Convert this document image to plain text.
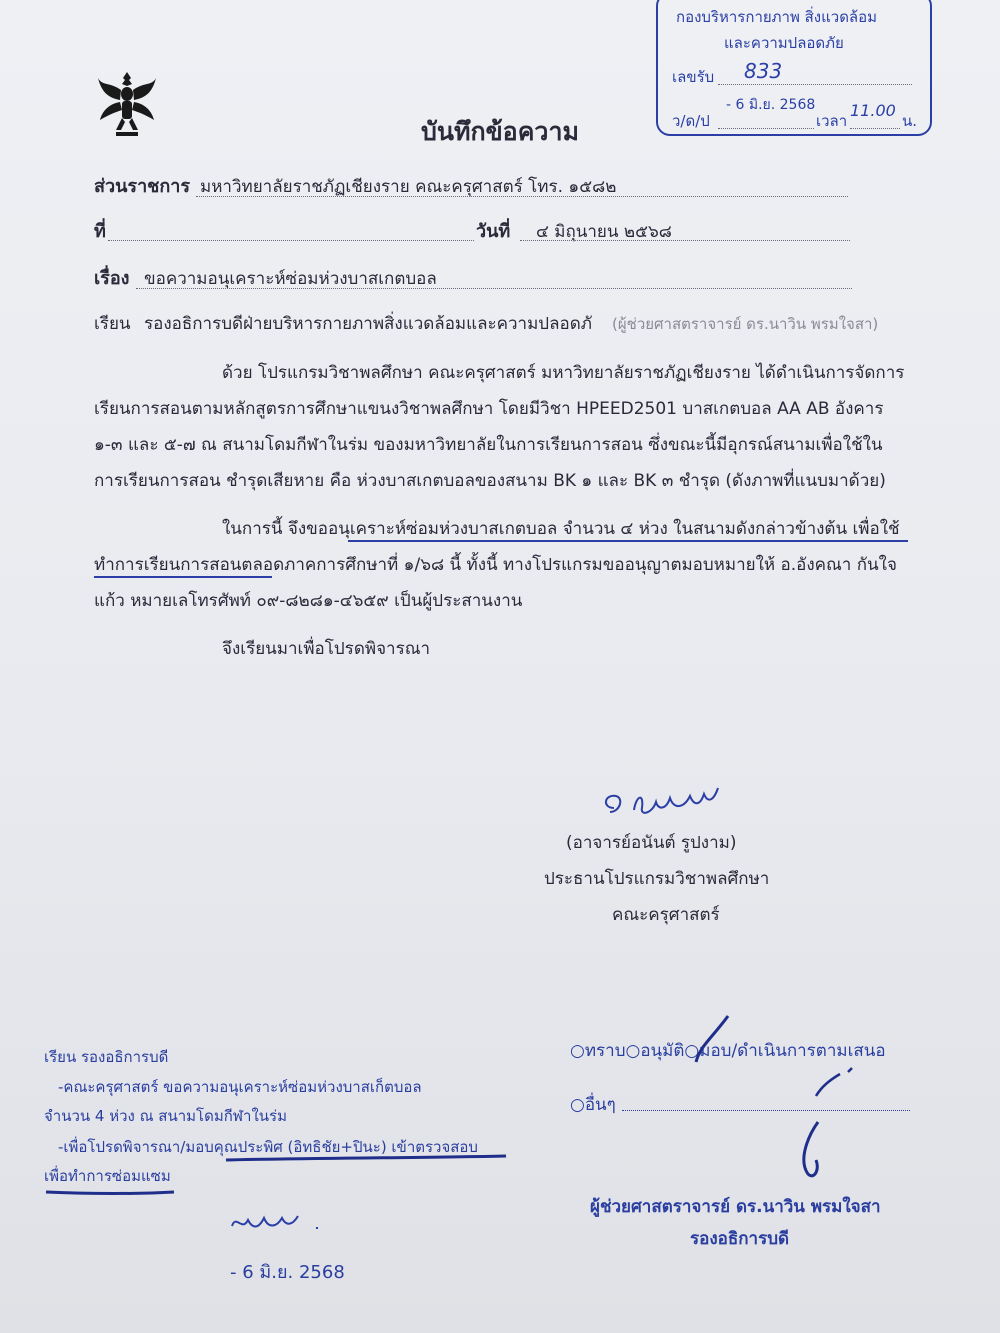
กองบริหารกายภาพ สิ่งแวดล้อม
และความปลอดภัย
เลขรับ 833
- 6 มิ.ย. 2568
ว/ด/ป	เวลา
11.00
น.
บันทึกข้อความ
ส่วนราชการ มหาวิทยาลัยราชภัฏเชียงราย คณะครุศาสตร์ โทร. ๑๕๘๒
ที่	วันที่ ๔ มิถุนายน ๒๕๖๘
เรื่อง ขอความอนุเคราะห์ซ่อมห่วงบาสเกตบอล
เรียน รองอธิการบดีฝ่ายบริหารกายภาพสิ่งแวดล้อมและความปลอดภั (ผู้ช่วยศาสตราจารย์ ดร.นาวิน พรมใจสา)
ด้วย โปรแกรมวิชาพลศึกษา คณะครุศาสตร์ มหาวิทยาลัยราชภัฏเชียงราย ได้ดำเนินการจัดการ
เรียนการสอนตามหลักสูตรการศึกษาแขนงวิชาพลศึกษา โดยมีวิชา HPEED2501 บาสเกตบอล AA AB อังคาร
๑-๓ และ ๕-๗ ณ สนามโดมกีฬาในร่ม ของมหาวิทยาลัยในการเรียนการสอน ซึ่งขณะนี้มีอุกรณ์สนามเพื่อใช้ใน
การเรียนการสอน ชำรุดเสียหาย คือ ห่วงบาสเกตบอลของสนาม BK ๑ และ BK ๓ ชำรุด (ดังภาพที่แนบมาด้วย)
ในการนี้ จึงขออนุเคราะห์ซ่อมห่วงบาสเกตบอล จำนวน ๔ ห่วง ในสนามดังกล่าวข้างต้น เพื่อใช้
ทำการเรียนการสอนตลอดภาคการศึกษาที่ ๑/๖๘ นี้ ทั้งนี้ ทางโปรแกรมขออนุญาตมอบหมายให้ อ.อังคณา กันใจ
แก้ว หมายเลโทรศัพท์ ๐๙-๘๒๘๑-๔๖๕๙ เป็นผู้ประสานงาน
จึงเรียนมาเพื่อโปรดพิจารณา
(อาจารย์อนันต์ รูปงาม)
ประธานโปรแกรมวิชาพลศึกษา
คณะครุศาสตร์
เรียน รองอธิการบดี
-คณะครุศาสตร์ ขอความอนุเคราะห์ซ่อมห่วงบาสเก็ตบอล
จำนวน 4 ห่วง ณ สนามโดมกีฬาในร่ม
-เพื่อโปรดพิจารณา/มอบคุณประพิศ (อิทธิชัย+ปินะ) เข้าตรวจสอบ
เพื่อทำการซ่อมแซม
- 6 มิ.ย. 2568
○ทราบ○อนุมัติ○มอบ/ดำเนินการตามเสนอ
○อื่นๆ
ผู้ช่วยศาสตราจารย์ ดร.นาวิน พรมใจสา
รองอธิการบดี
